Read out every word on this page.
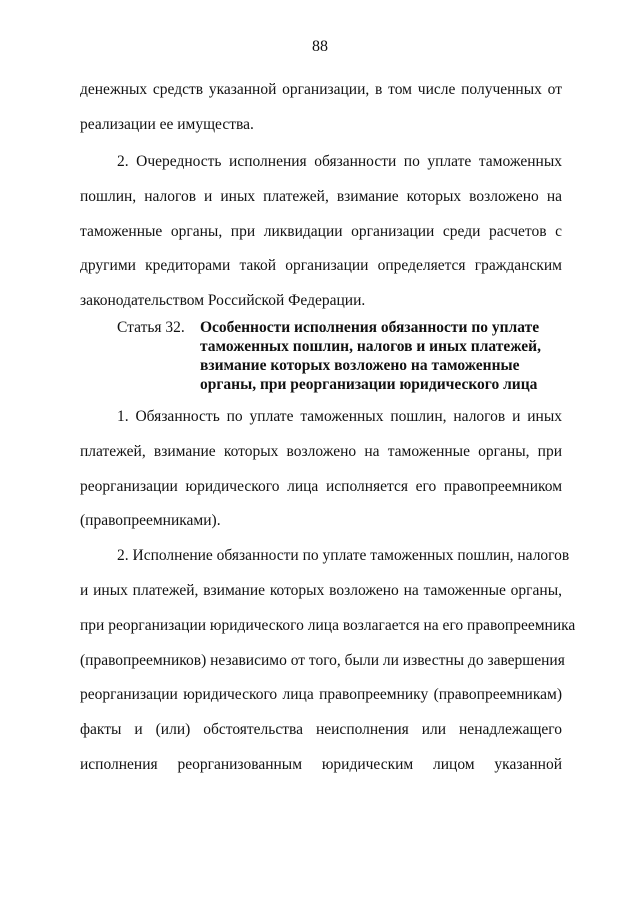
88
денежных средств указанной организации, в том числе полученных от
реализации ее имущества.
2. Очередность исполнения обязанности по уплате таможенных
пошлин, налогов и иных платежей, взимание которых возложено на
таможенные органы, при ликвидации организации среди расчетов с
другими кредиторами такой организации определяется гражданским
законодательством Российской Федерации.
Статья 32. Особенности исполнения обязанности по уплате
таможенных пошлин, налогов и иных платежей,
взимание которых возложено на таможенные
органы, при реорганизации юридического лица
1. Обязанность по уплате таможенных пошлин, налогов и иных
платежей, взимание которых возложено на таможенные органы, при
реорганизации юридического лица исполняется его правопреемником
(правопреемниками).
2. Исполнение обязанности по уплате таможенных пошлин, налогов
и иных платежей, взимание которых возложено на таможенные органы,
при реорганизации юридического лица возлагается на его правопреемника
(правопреемников) независимо от того, были ли известны до завершения
реорганизации юридического лица правопреемнику (правопреемникам)
факты и (или) обстоятельства неисполнения или ненадлежащего
исполнения реорганизованным юридическим лицом указанной
